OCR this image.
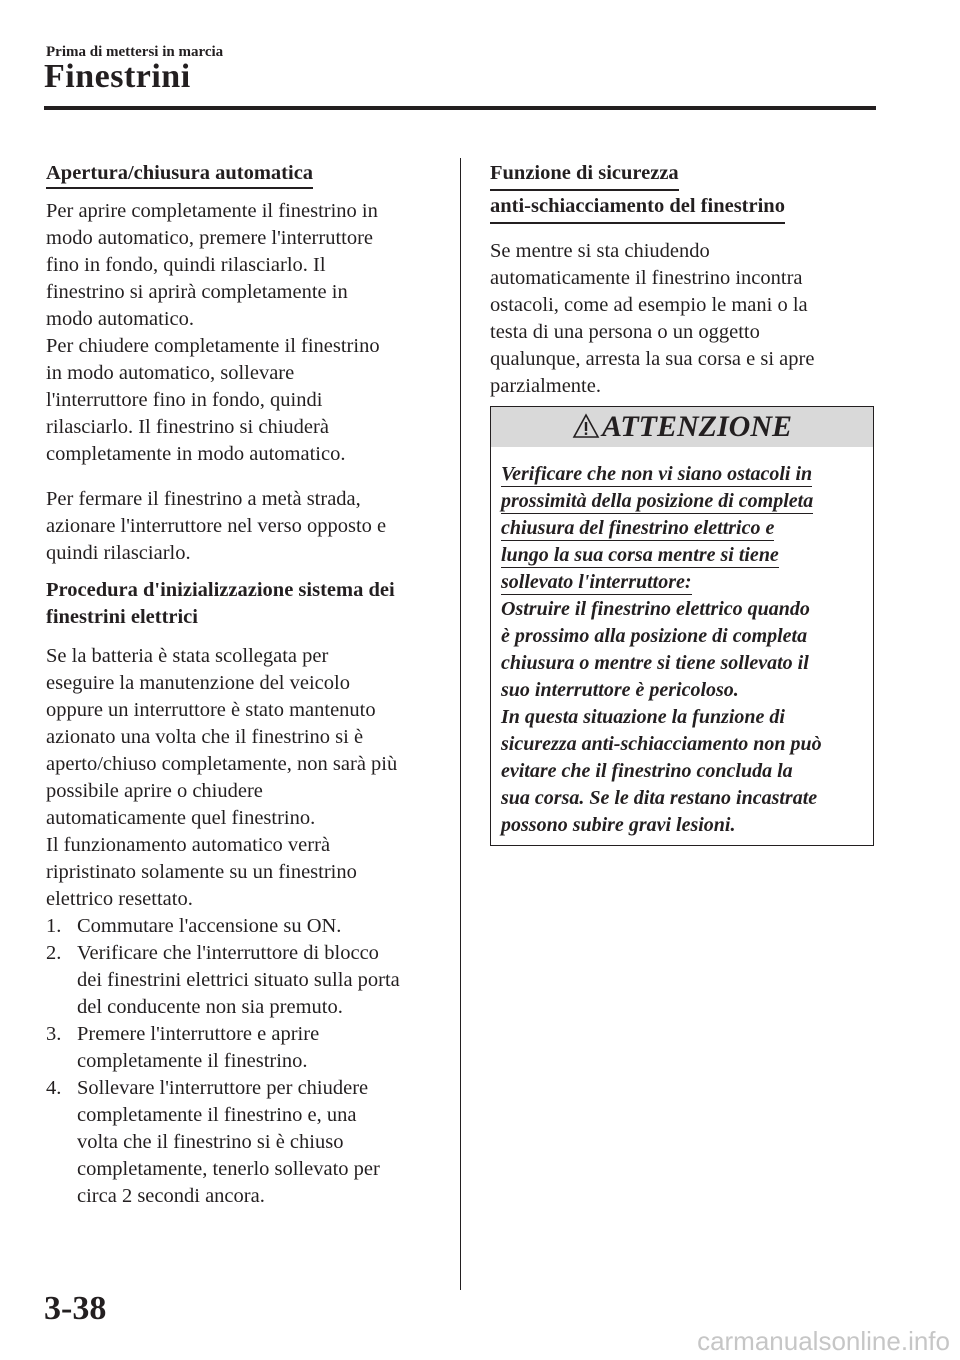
Prima di mettersi in marcia
Finestrini
Apertura/chiusura automatica

Per aprire completamente il finestrino in
modo automatico, premere l'interruttore
fino in fondo, quindi rilasciarlo. Il
finestrino si aprirà completamente in
modo automatico.
Per chiudere completamente il finestrino
in modo automatico, sollevare
l'interruttore fino in fondo, quindi
rilasciarlo. Il finestrino si chiuderà
completamente in modo automatico.

Per fermare il finestrino a metà strada,
azionare l'interruttore nel verso opposto e
quindi rilasciarlo.

Procedura d'inizializzazione sistema dei
finestrini elettrici

Se la batteria è stata scollegata per
eseguire la manutenzione del veicolo
oppure un interruttore è stato mantenuto
azionato una volta che il finestrino si è
aperto/chiuso completamente, non sarà più
possibile aprire o chiudere
automaticamente quel finestrino.
Il funzionamento automatico verrà
ripristinato solamente su un finestrino
elettrico resettato.

1. Commutare l'accensione su ON.
2. Verificare che l'interruttore di blocco
dei finestrini elettrici situato sulla porta
del conducente non sia premuto.
3. Premere l'interruttore e aprire
completamente il finestrino.
4. Sollevare l'interruttore per chiudere
completamente il finestrino e, una
volta che il finestrino si è chiuso
completamente, tenerlo sollevato per
circa 2 secondi ancora.
Funzione di sicurezza
anti-schiacciamento del finestrino

Se mentre si sta chiudendo
automaticamente il finestrino incontra
ostacoli, come ad esempio le mani o la
testa di una persona o un oggetto
qualunque, arresta la sua corsa e si apre
parzialmente.

ATTENZIONE
Verificare che non vi siano ostacoli in
prossimità della posizione di completa
chiusura del finestrino elettrico e
lungo la sua corsa mentre si tiene
sollevato l'interruttore:
Ostruire il finestrino elettrico quando
è prossimo alla posizione di completa
chiusura o mentre si tiene sollevato il
suo interruttore è pericoloso.
In questa situazione la funzione di
sicurezza anti-schiacciamento non può
evitare che il finestrino concluda la
sua corsa. Se le dita restano incastrate
possono subire gravi lesioni.
3-38
carmanualsonline.info
